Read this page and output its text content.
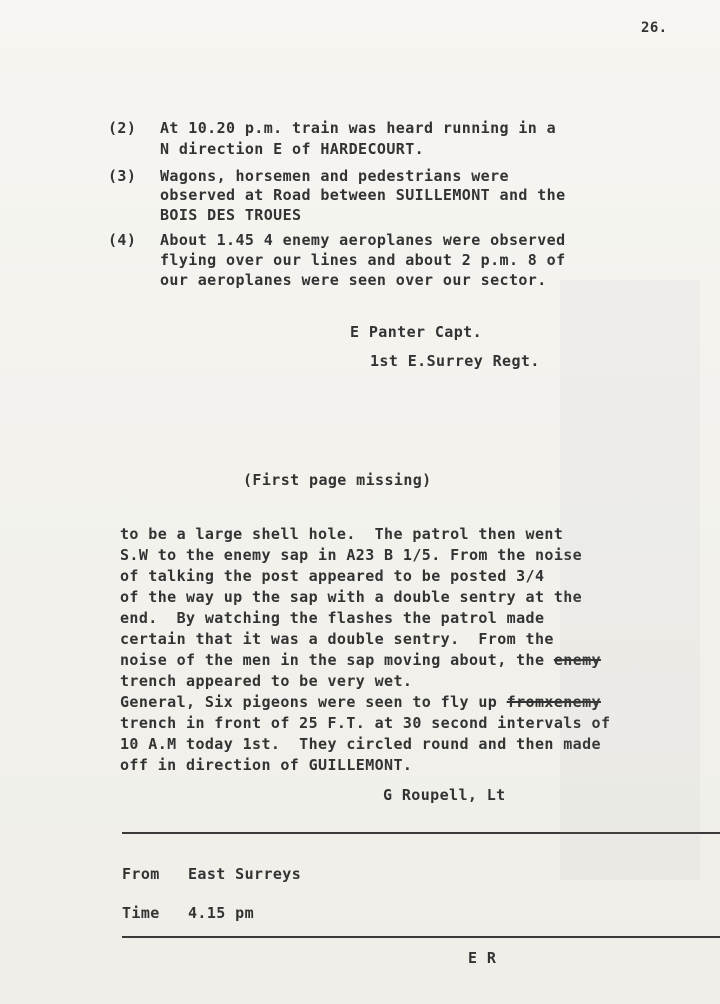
26.
(2) At 10.20 p.m. train was heard running in a
N direction E of HARDECOURT.
(3) Wagons, horsemen and pedestrians were
observed at Road between SUILLEMONT and the
BOIS DES TROUES
(4) About 1.45 4 enemy aeroplanes were observed
flying over our lines and about 2 p.m. 8 of
our aeroplanes were seen over our sector.
E Panter Capt.
1st E.Surrey Regt.
(First page missing)
to be a large shell hole.  The patrol then went
S.W to the enemy sap in A23 B 1/5. From the noise
of talking the post appeared to be posted 3/4
of the way up the sap with a double sentry at the
end.  By watching the flashes the patrol made
certain that it was a double sentry.  From the
noise of the men in the sap moving about, the enemy
trench appeared to be very wet.
General, Six pigeons were seen to fly up fromxenemy
trench in front of 25 F.T. at 30 second intervals of
10 A.M today 1st.  They circled round and then made
off in direction of GUILLEMONT.
G Roupell, Lt
From East Surreys
Time 4.15 pm
E R
